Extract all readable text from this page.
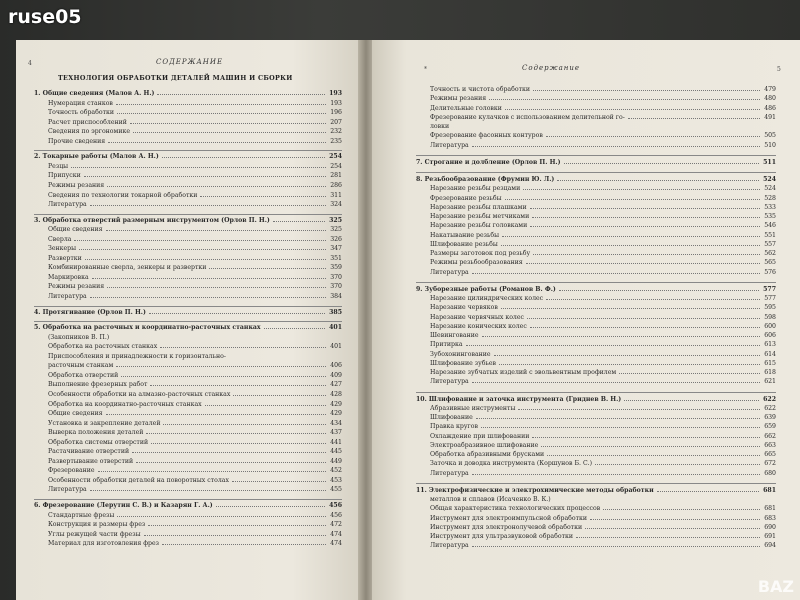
4	СОДЕРЖАНИЕ
ТЕХНОЛОГИЯ ОБРАБОТКИ ДЕТАЛЕЙ МАШИН И СБОРКИ
1. Общие сведения (Малов А. Н.)	193
Нумерация станков	193
Точность обработки	196
Расчет приспособлений	207
Сведения по эргономике	232
Прочие сведения	235
2. Токарные работы (Малов А. Н.)	254
Резцы	254
Припуски	281
Режимы резания	286
Сведения по технологии токарной обработки	311
Литература	324
3. Обработка отверстий размерным инструментом (Орлов П. Н.)	325
Общие сведения	325
Сверла	326
Зенкеры	347
Развертки	351
Комбинированные сверла, зенкеры и развертки	359
Маркировка	370
Режимы резания	370
Литература	384
4. Протягивание (Орлов П. Н.)	385
5. Обработка на расточных и координатно-расточных станках	401
(Закопников В. П.)
Обработка на расточных станках	401
Приспособления и принадлежности к горизонтально-
расточным станкам	406
Обработка отверстий	409
Выполнение фрезерных работ	427
Особенности обработки на алмазно-расточных станках	428
Обработка на координатно-расточных станках	429
Общие сведения	429
Установка и закрепление деталей	434
Выверка положения деталей	437
Обработка системы отверстий	441
Растачивание отверстий	445
Развертывание отверстий	449
Фрезерование	452
Особенности обработки деталей на поворотных столах	453
Литература	455
6. Фрезерование (Лерутин С. В.) и Казарян Г. А.)	456
Стандартные фрезы	456
Конструкция и размеры фрез	472
Углы режущей части фрезы	474
Материал для изготовления фрез	474
*	Содержание	5
Точность и чистота обработки	479
Режимы резания	480
Делительные головки	486
Фрезерование кулачков с использованием делительной го-	491
ловки
Фрезерование фасонных контуров	505
Литература	510
7. Строгание и долбление (Орлов П. Н.)	511
8. Резьбообразование (Фрумин Ю. Л.)	524
Нарезание резьбы резцами	524
Фрезерование резьбы	528
Нарезание резьбы плашками	533
Нарезание резьбы метчиками	535
Нарезание резьбы головками	546
Накатывание резьбы	551
Шлифование резьбы	557
Размеры заготовок под резьбу	562
Режимы резьбообразования	565
Литература	576
9. Зуборезные работы (Романов В. Ф.)	577
Нарезание цилиндрических колес	577
Нарезание червяков	595
Нарезание червячных колес	598
Нарезание конических колес	600
Шевингование	606
Притирка	613
Зубохонингование	614
Шлифование зубьев	615
Нарезание зубчатых изделий с эвольвентным профилем	618
Литература	621
10. Шлифование и заточка инструмента (Гриднев В. Н.)	622
Абразивные инструменты	622
Шлифование	639
Правка кругов	659
Охлаждение при шлифовании	662
Электроабразивное шлифование	663
Обработка абразивными брусками	665
Заточка и доводка инструмента (Коршунов Б. С.)	672
Литература	680
11. Электрофизические и электрохимические методы обработки	681
металлов и сплавов (Исаченко В. К.)
Общая характеристика технологических процессов	681
Инструмент для электроимпульсной обработки	683
Инструмент для электронолучевой обработки	690
Инструмент для ультразвуковой обработки	691
Литература	694
ruse05
BAZ
